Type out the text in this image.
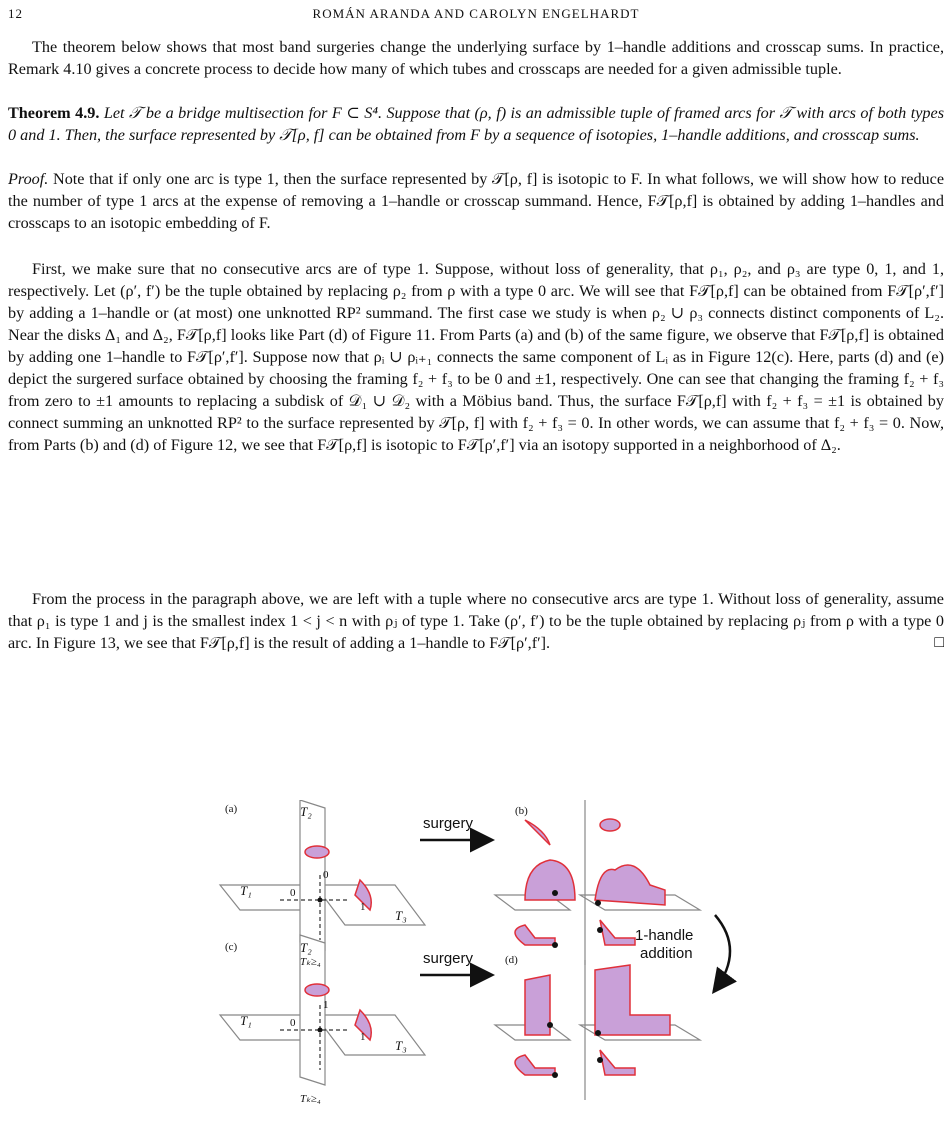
12	ROMÁN ARANDA AND CAROLYN ENGELHARDT
The theorem below shows that most band surgeries change the underlying surface by 1–handle additions and crosscap sums. In practice, Remark 4.10 gives a concrete process to decide how many of which tubes and crosscaps are needed for a given admissible tuple.
Theorem 4.9. Let 𝒯 be a bridge multisection for F ⊂ S⁴. Suppose that (ρ, f) is an admissible tuple of framed arcs for 𝒯 with arcs of both types 0 and 1. Then, the surface represented by 𝒯[ρ, f] can be obtained from F by a sequence of isotopies, 1–handle additions, and crosscap sums.
Proof. Note that if only one arc is type 1, then the surface represented by 𝒯[ρ, f] is isotopic to F. In what follows, we will show how to reduce the number of type 1 arcs at the expense of removing a 1–handle or crosscap summand. Hence, F𝒯[ρ,f] is obtained by adding 1–handles and crosscaps to an isotopic embedding of F.
First, we make sure that no consecutive arcs are of type 1. Suppose, without loss of generality, that ρ₁, ρ₂, and ρ₃ are type 0, 1, and 1, respectively. Let (ρ′, f′) be the tuple obtained by replacing ρ₂ from ρ with a type 0 arc. We will see that F𝒯[ρ,f] can be obtained from F𝒯[ρ′,f′] by adding a 1–handle or (at most) one unknotted RP² summand. The first case we study is when ρ₂ ∪ ρ₃ connects distinct components of L₂. Near the disks Δ₁ and Δ₂, F𝒯[ρ,f] looks like Part (d) of Figure 11. From Parts (a) and (b) of the same figure, we observe that F𝒯[ρ,f] is obtained by adding one 1–handle to F𝒯[ρ′,f′]. Suppose now that ρᵢ ∪ ρᵢ₊₁ connects the same component of Lᵢ as in Figure 12(c). Here, parts (d) and (e) depict the surgered surface obtained by choosing the framing f₂ + f₃ to be 0 and ±1, respectively. One can see that changing the framing f₂ + f₃ from zero to ±1 amounts to replacing a subdisk of 𝒟₁ ∪ 𝒟₂ with a Möbius band. Thus, the surface F𝒯[ρ,f] with f₂ + f₃ = ±1 is obtained by connect summing an unknotted RP² to the surface represented by 𝒯[ρ, f] with f₂ + f₃ = 0. In other words, we can assume that f₂ + f₃ = 0. Now, from Parts (b) and (d) of Figure 12, we see that F𝒯[ρ,f] is isotopic to F𝒯[ρ′,f′] via an isotopy supported in a neighborhood of Δ₂.
From the process in the paragraph above, we are left with a tuple where no consecutive arcs are type 1. Without loss of generality, assume that ρ₁ is type 1 and j is the smallest index 1 < j < n with ρⱼ of type 1. Take (ρ′, f′) to be the tuple obtained by replacing ρⱼ from ρ with a type 0 arc. In Figure 13, we see that F𝒯[ρ,f] is the result of adding a 1–handle to F𝒯[ρ′,f′].	□
(a)	(b)
(c)
(d)
T₂
T₁
T₃
Tₖ≥₄
T₂
T₁
T₃
Tₖ≥₄
0
0
1
0
1
1
surgery
surgery
1-handle
addition
